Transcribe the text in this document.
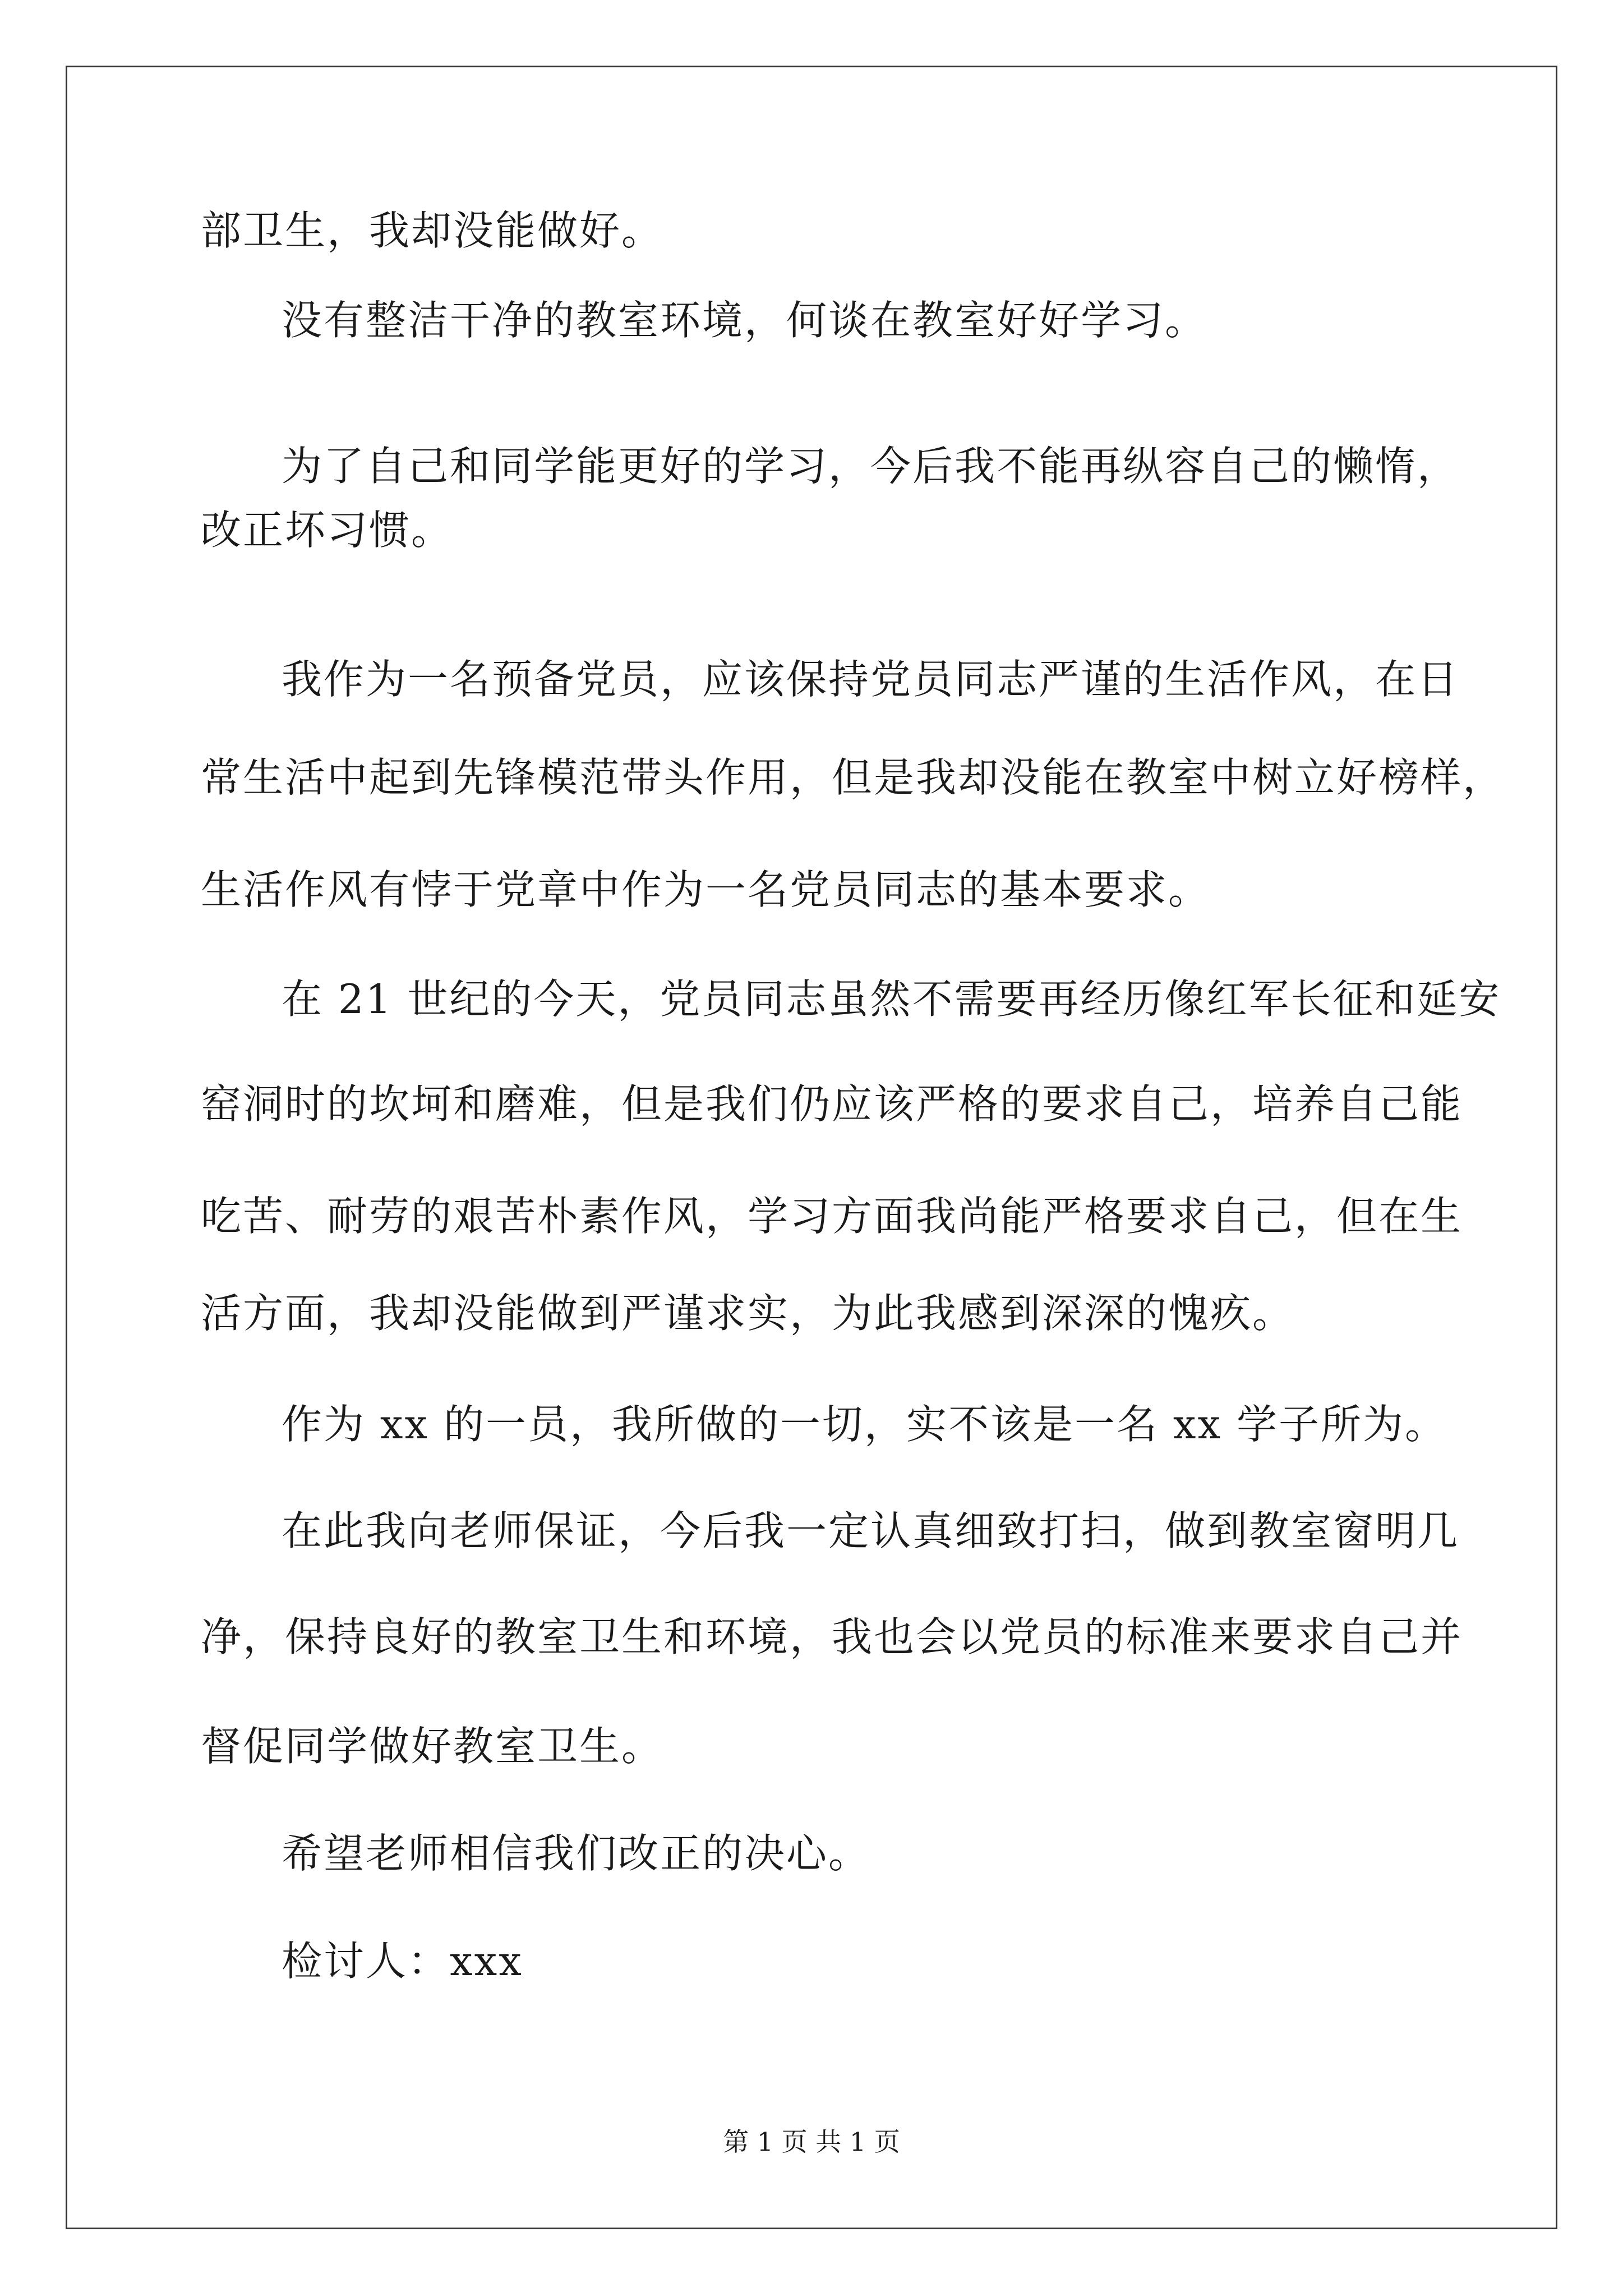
部卫生，我却没能做好。
没有整洁干净的教室环境，何谈在教室好好学习。
为了自己和同学能更好的学习，今后我不能再纵容自己的懒惰，
改正坏习惯。
我作为一名预备党员，应该保持党员同志严谨的生活作风，在日
常生活中起到先锋模范带头作用，但是我却没能在教室中树立好榜样，
生活作风有悖于党章中作为一名党员同志的基本要求。
在 21 世纪的今天，党员同志虽然不需要再经历像红军长征和延安
窑洞时的坎坷和磨难，但是我们仍应该严格的要求自己，培养自己能
吃苦、耐劳的艰苦朴素作风，学习方面我尚能严格要求自己，但在生
活方面，我却没能做到严谨求实，为此我感到深深的愧疚。
作为 xx 的一员，我所做的一切，实不该是一名 xx 学子所为。
在此我向老师保证，今后我一定认真细致打扫，做到教室窗明几
净，保持良好的教室卫生和环境，我也会以党员的标准来要求自己并
督促同学做好教室卫生。
希望老师相信我们改正的决心。
检讨人：xxx
第 1 页 共 1 页
